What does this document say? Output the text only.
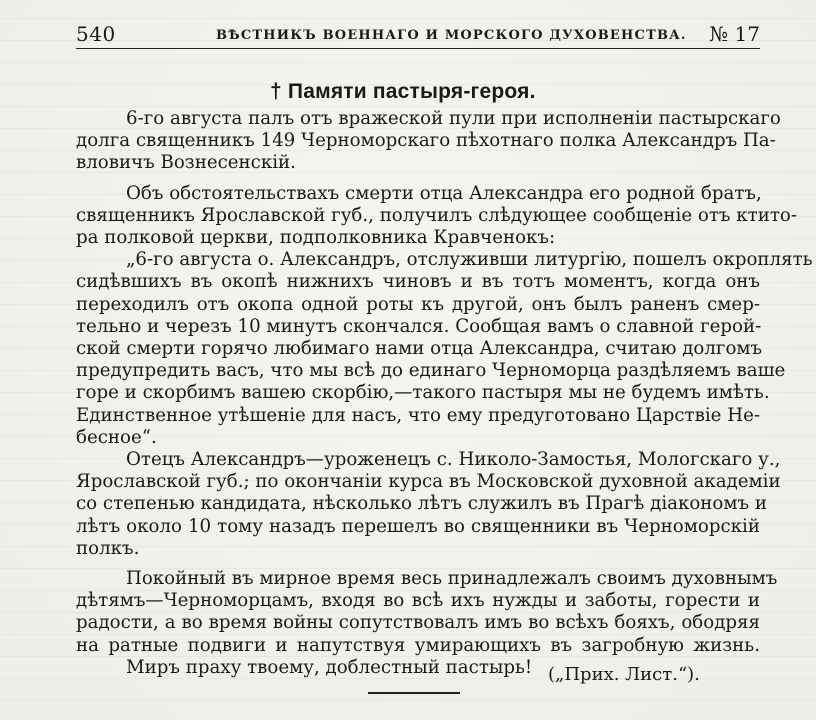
540	ВѢСТНИКЪ ВОЕННАГО И МОРСКОГО ДУХОВЕНСТВА. № 17
† Памяти пастыря-героя.
6-го августа палъ отъ вражеской пули при исполненіи пастырскаго
долга священникъ 149 Черноморскаго пѣхотнаго полка Александръ Па-
вловичъ Вознесенскій.
Объ обстоятельствахъ смерти отца Александра его родной братъ,
священникъ Ярославской губ., получилъ слѣдующее сообщеніе отъ ктито-
ра полковой церкви, подполковника Кравченокъ:
„6-го августа о. Александръ, отслуживши литургію, пошелъ окроплять
сидѣвшихъ въ окопѣ нижнихъ чиновъ и въ тотъ моментъ, когда онъ
переходилъ отъ окопа одной роты къ другой, онъ былъ раненъ смер-
тельно и черезъ 10 минутъ скончался. Сообщая вамъ о славной герой-
ской смерти горячо любимаго нами отца Александра, считаю долгомъ
предупредить васъ, что мы всѣ до единаго Черноморца раздѣляемъ ваше
горе и скорбимъ вашею скорбію,—такого пастыря мы не будемъ имѣть.
Единственное утѣшеніе для насъ, что ему предуготовано Царствіе Не-
бесное“.
Отецъ Александръ—уроженецъ с. Николо-Замостья, Мологскаго у.,
Ярославской губ.; по окончаніи курса въ Московской духовной академіи
со степенью кандидата, нѣсколько лѣтъ служилъ въ Прагѣ діакономъ и
лѣтъ около 10 тому назадъ перешелъ во священники въ Черноморскій
полкъ.
Покойный въ мирное время весь принадлежалъ своимъ духовнымъ
дѣтямъ—Черноморцамъ, входя во всѣ ихъ нужды и заботы, горести и
радости, а во время войны сопутствовалъ имъ во всѣхъ бояхъ, ободряя
на ратные подвиги и напутствуя умирающихъ въ загробную жизнь.
Миръ праху твоему, доблестный пастырь! („Прих. Лист.“).
